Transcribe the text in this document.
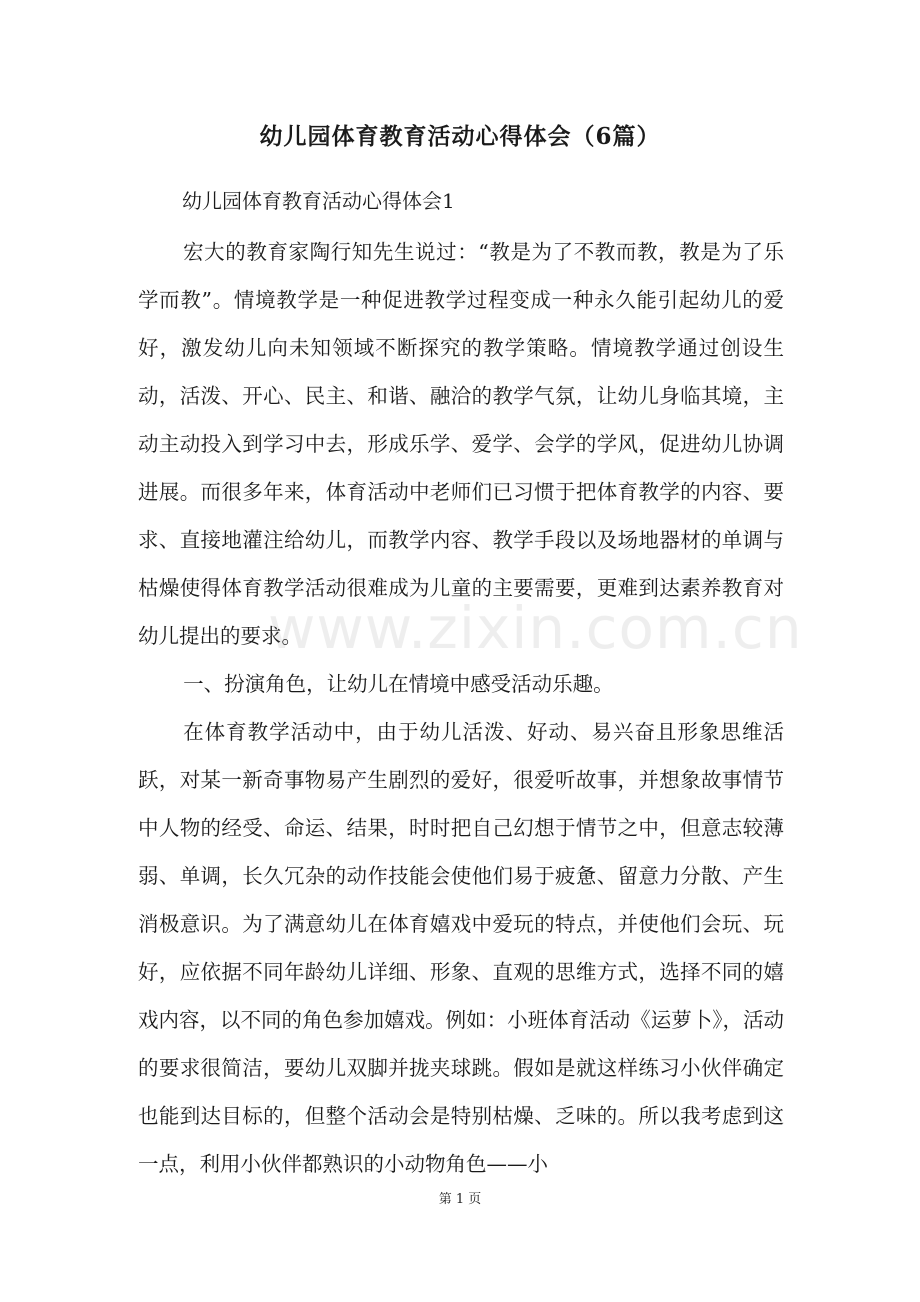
幼儿园体育教育活动心得体会（6篇）
幼儿园体育教育活动心得体会1

宏大的教育家陶行知先生说过：“教是为了不教而教，教是为了乐学而教”。情境教学是一种促进教学过程变成一种永久能引起幼儿的爱好，激发幼儿向未知领域不断探究的教学策略。情境教学通过创设生动，活泼、开心、民主、和谐、融洽的教学气氛，让幼儿身临其境，主动主动投入到学习中去，形成乐学、爱学、会学的学风，促进幼儿协调进展。而很多年来，体育活动中老师们已习惯于把体育教学的内容、要求、直接地灌注给幼儿，而教学内容、教学手段以及场地器材的单调与枯燥使得体育教学活动很难成为儿童的主要需要，更难到达素养教育对幼儿提出的要求。

一、扮演角色，让幼儿在情境中感受活动乐趣。

在体育教学活动中，由于幼儿活泼、好动、易兴奋且形象思维活跃，对某一新奇事物易产生剧烈的爱好，很爱听故事，并想象故事情节中人物的经受、命运、结果，时时把自己幻想于情节之中，但意志较薄弱、单调，长久冗杂的动作技能会使他们易于疲惫、留意力分散、产生消极意识。为了满意幼儿在体育嬉戏中爱玩的特点，并使他们会玩、玩好，应依据不同年龄幼儿详细、形象、直观的思维方式，选择不同的嬉戏内容，以不同的角色参加嬉戏。例如：小班体育活动《运萝卜》，活动的要求很简洁，要幼儿双脚并拢夹球跳。假如是就这样练习小伙伴确定也能到达目标的，但整个活动会是特别枯燥、乏味的。所以我考虑到这一点，利用小伙伴都熟识的小动物角色——小

www.zixin.com.cn
第 1 页
